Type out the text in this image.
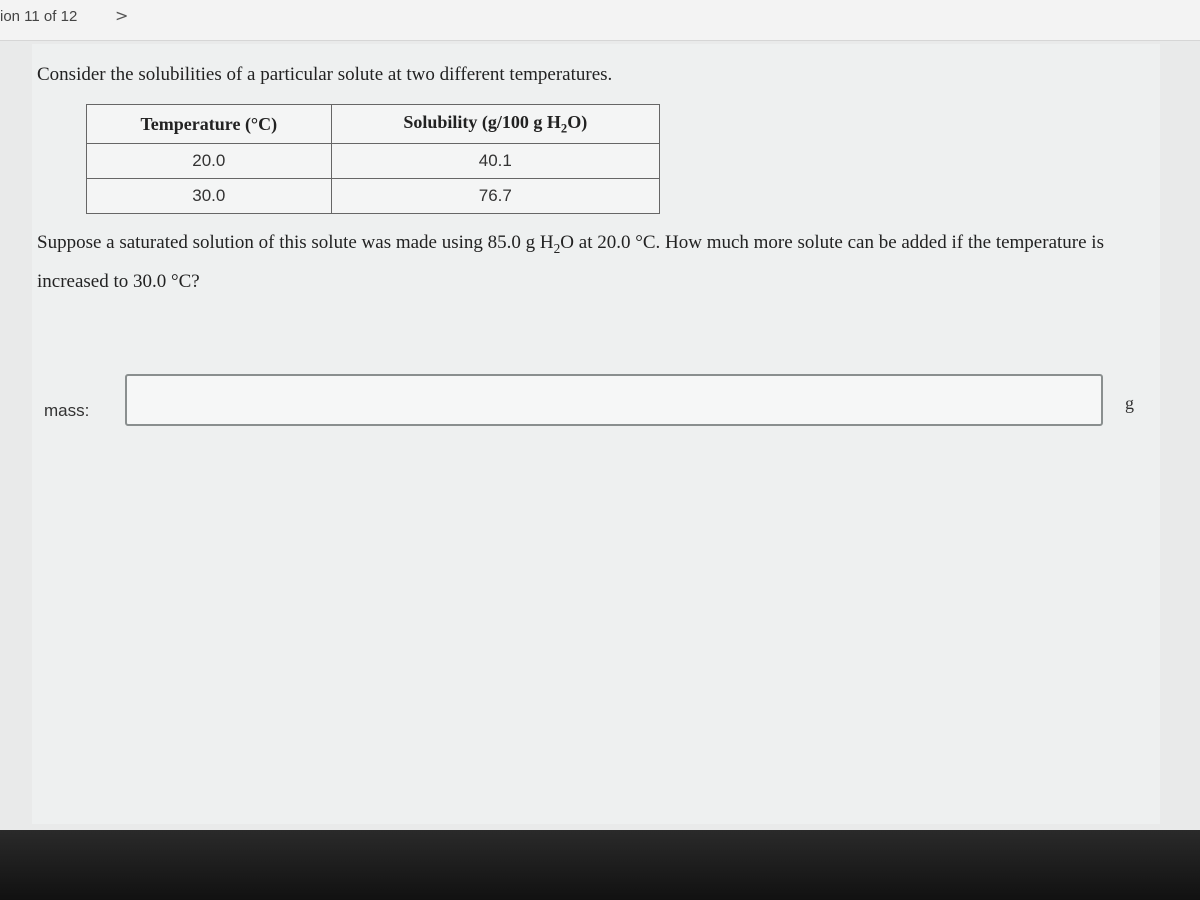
ion 11 of 12 >
Consider the solubilities of a particular solute at two different temperatures.
Temperature (°C)	Solubility (g/100 g $H_2O$)
20.0	40.1
30.0	76.7
Suppose a saturated solution of this solute was made using 85.0 g $H_2O$ at 20.0 °C. How much more solute can be added if the temperature is increased to 30.0 °C?
mass:	g
